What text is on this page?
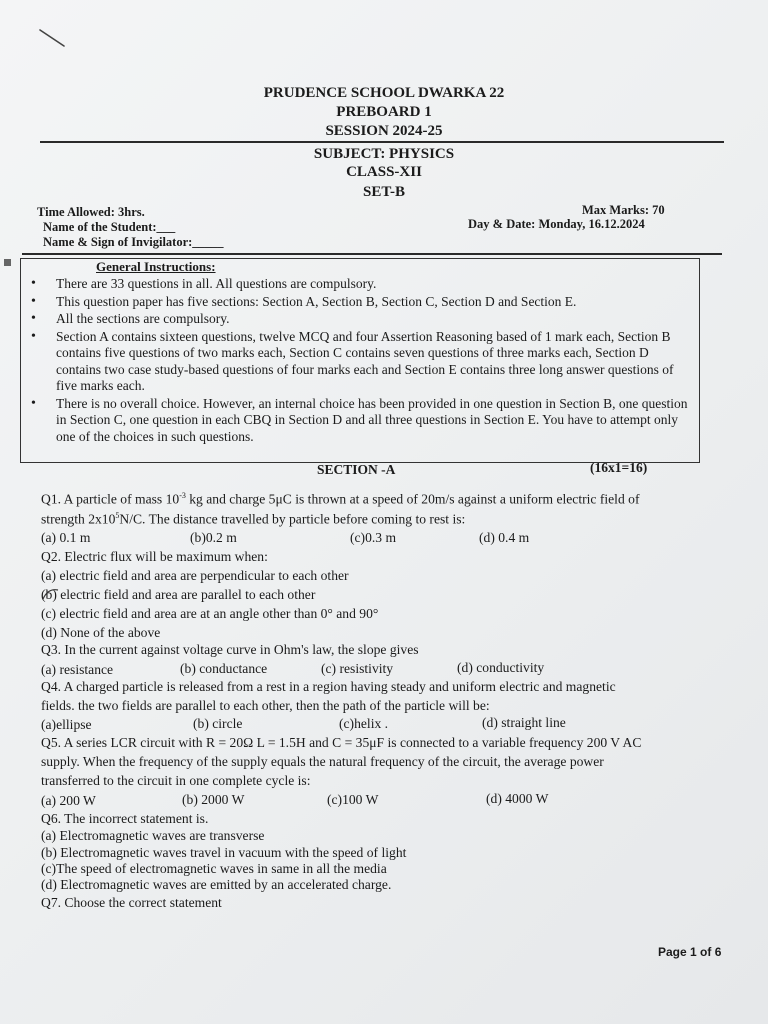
PRUDENCE SCHOOL DWARKA 22
PREBOARD 1
SESSION 2024-25
SUBJECT: PHYSICS
CLASS-XII
SET-B
Time Allowed: 3hrs.
Name of the Student:___
Name & Sign of Invigilator:_____
Max Marks: 70
Day & Date: Monday, 16.12.2024
General Instructions:
• There are 33 questions in all. All questions are compulsory.
• This question paper has five sections: Section A, Section B, Section C, Section D and Section E.
• All the sections are compulsory.
• Section A contains sixteen questions, twelve MCQ and four Assertion Reasoning based of 1 mark each, Section B contains five questions of two marks each, Section C contains seven questions of three marks each, Section D contains two case study-based questions of four marks each and Section E contains three long answer questions of five marks each.
• There is no overall choice. However, an internal choice has been provided in one question in Section B, one question in Section C, one question in each CBQ in Section D and all three questions in Section E. You have to attempt only one of the choices in such questions.
SECTION -A	(16x1=16)
Q1. A particle of mass $10^{-3}$ kg and charge 5μC is thrown at a speed of 20m/s against a uniform electric field of
strength $2x10^5N/C$. The distance travelled by particle before coming to rest is:
(a) 0.1 m	(b)0.2 m	(c)0.3 m	(d) 0.4 m
Q2. Electric flux will be maximum when:
(a) electric field and area are perpendicular to each other
(b) electric field and area are parallel to each other
(c) electric field and area are at an angle other than 0° and 90°
(d) None of the above
Q3. In the current against voltage curve in Ohm's law, the slope gives
(a) resistance	(b) conductance	(c) resistivity	(d) conductivity
Q4. A charged particle is released from a rest in a region having steady and uniform electric and magnetic
fields. the two fields are parallel to each other, then the path of the particle will be:
(a)ellipse	(b) circle	(c)helix .	(d) straight line
Q5. A series LCR circuit with R = 20Ω L = 1.5H and C = 35μF is connected to a variable frequency 200 V AC
supply. When the frequency of the supply equals the natural frequency of the circuit, the average power
transferred to the circuit in one complete cycle is:
(a) 200 W	(b) 2000 W	(c)100 W	(d) 4000 W
Q6. The incorrect statement is.
(a) Electromagnetic waves are transverse
(b) Electromagnetic waves travel in vacuum with the speed of light
(c)The speed of electromagnetic waves in same in all the media
(d) Electromagnetic waves are emitted by an accelerated charge.
Q7. Choose the correct statement
Page 1 of 6
